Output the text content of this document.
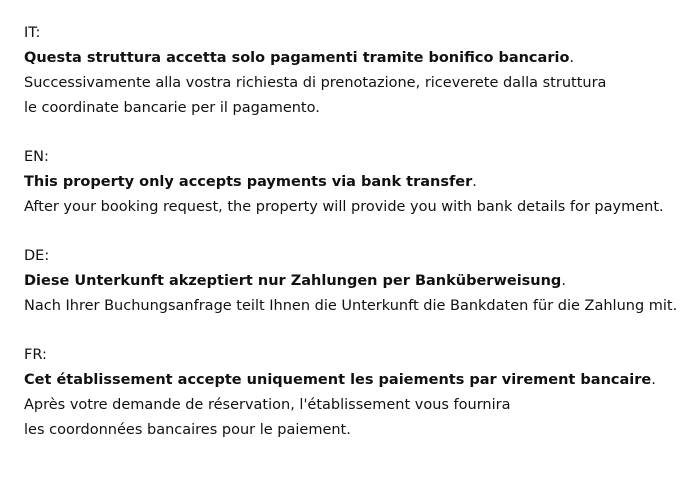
IT:
Questa struttura accetta solo pagamenti tramite bonifico bancario.
Successivamente alla vostra richiesta di prenotazione, riceverete dalla struttura
le coordinate bancarie per il pagamento.
EN:
This property only accepts payments via bank transfer.
After your booking request, the property will provide you with bank details for payment.
DE:
Diese Unterkunft akzeptiert nur Zahlungen per Banküberweisung.
Nach Ihrer Buchungsanfrage teilt Ihnen die Unterkunft die Bankdaten für die Zahlung mit.
FR:
Cet établissement accepte uniquement les paiements par virement bancaire.
Après votre demande de réservation, l'établissement vous fournira
les coordonnées bancaires pour le paiement.
